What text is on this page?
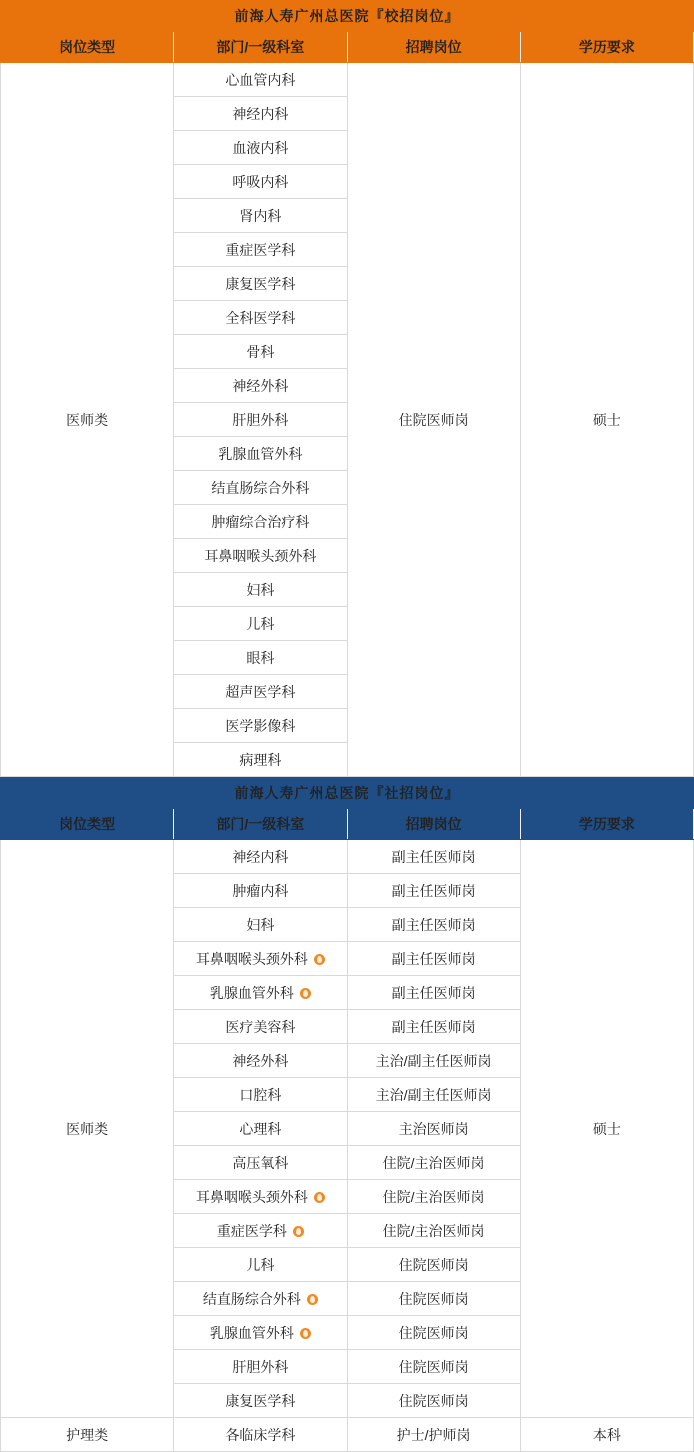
前海人寿广州总医院『校招岗位』			
岗位类型	部门/一级科室	招聘岗位	学历要求
医师类	心血管内科	住院医师岗	硕士
	神经内科		
	血液内科		
	呼吸内科		
	肾内科		
	重症医学科		
	康复医学科		
	全科医学科		
	骨科		
	神经外科		
	肝胆外科		
	乳腺血管外科		
	结直肠综合外科		
	肿瘤综合治疗科		
	耳鼻咽喉头颈外科		
	妇科		
	儿科		
	眼科		
	超声医学科		
	医学影像科		
	病理科		
前海人寿广州总医院『社招岗位』			
岗位类型	部门/一级科室	招聘岗位	学历要求
医师类	神经内科	副主任医师岗	硕士
	肿瘤内科	副主任医师岗	
	妇科	副主任医师岗	
	耳鼻咽喉头颈外科	副主任医师岗	
	乳腺血管外科	副主任医师岗	
	医疗美容科	副主任医师岗	
	神经外科	主治/副主任医师岗	
	口腔科	主治/副主任医师岗	
	心理科	主治医师岗	
	高压氧科	住院/主治医师岗	
	耳鼻咽喉头颈外科	住院/主治医师岗	
	重症医学科	住院/主治医师岗	
	儿科	住院医师岗	
	结直肠综合外科	住院医师岗	
	乳腺血管外科	住院医师岗	
	肝胆外科	住院医师岗	
	康复医学科	住院医师岗	
护理类	各临床学科	护士/护师岗	本科
